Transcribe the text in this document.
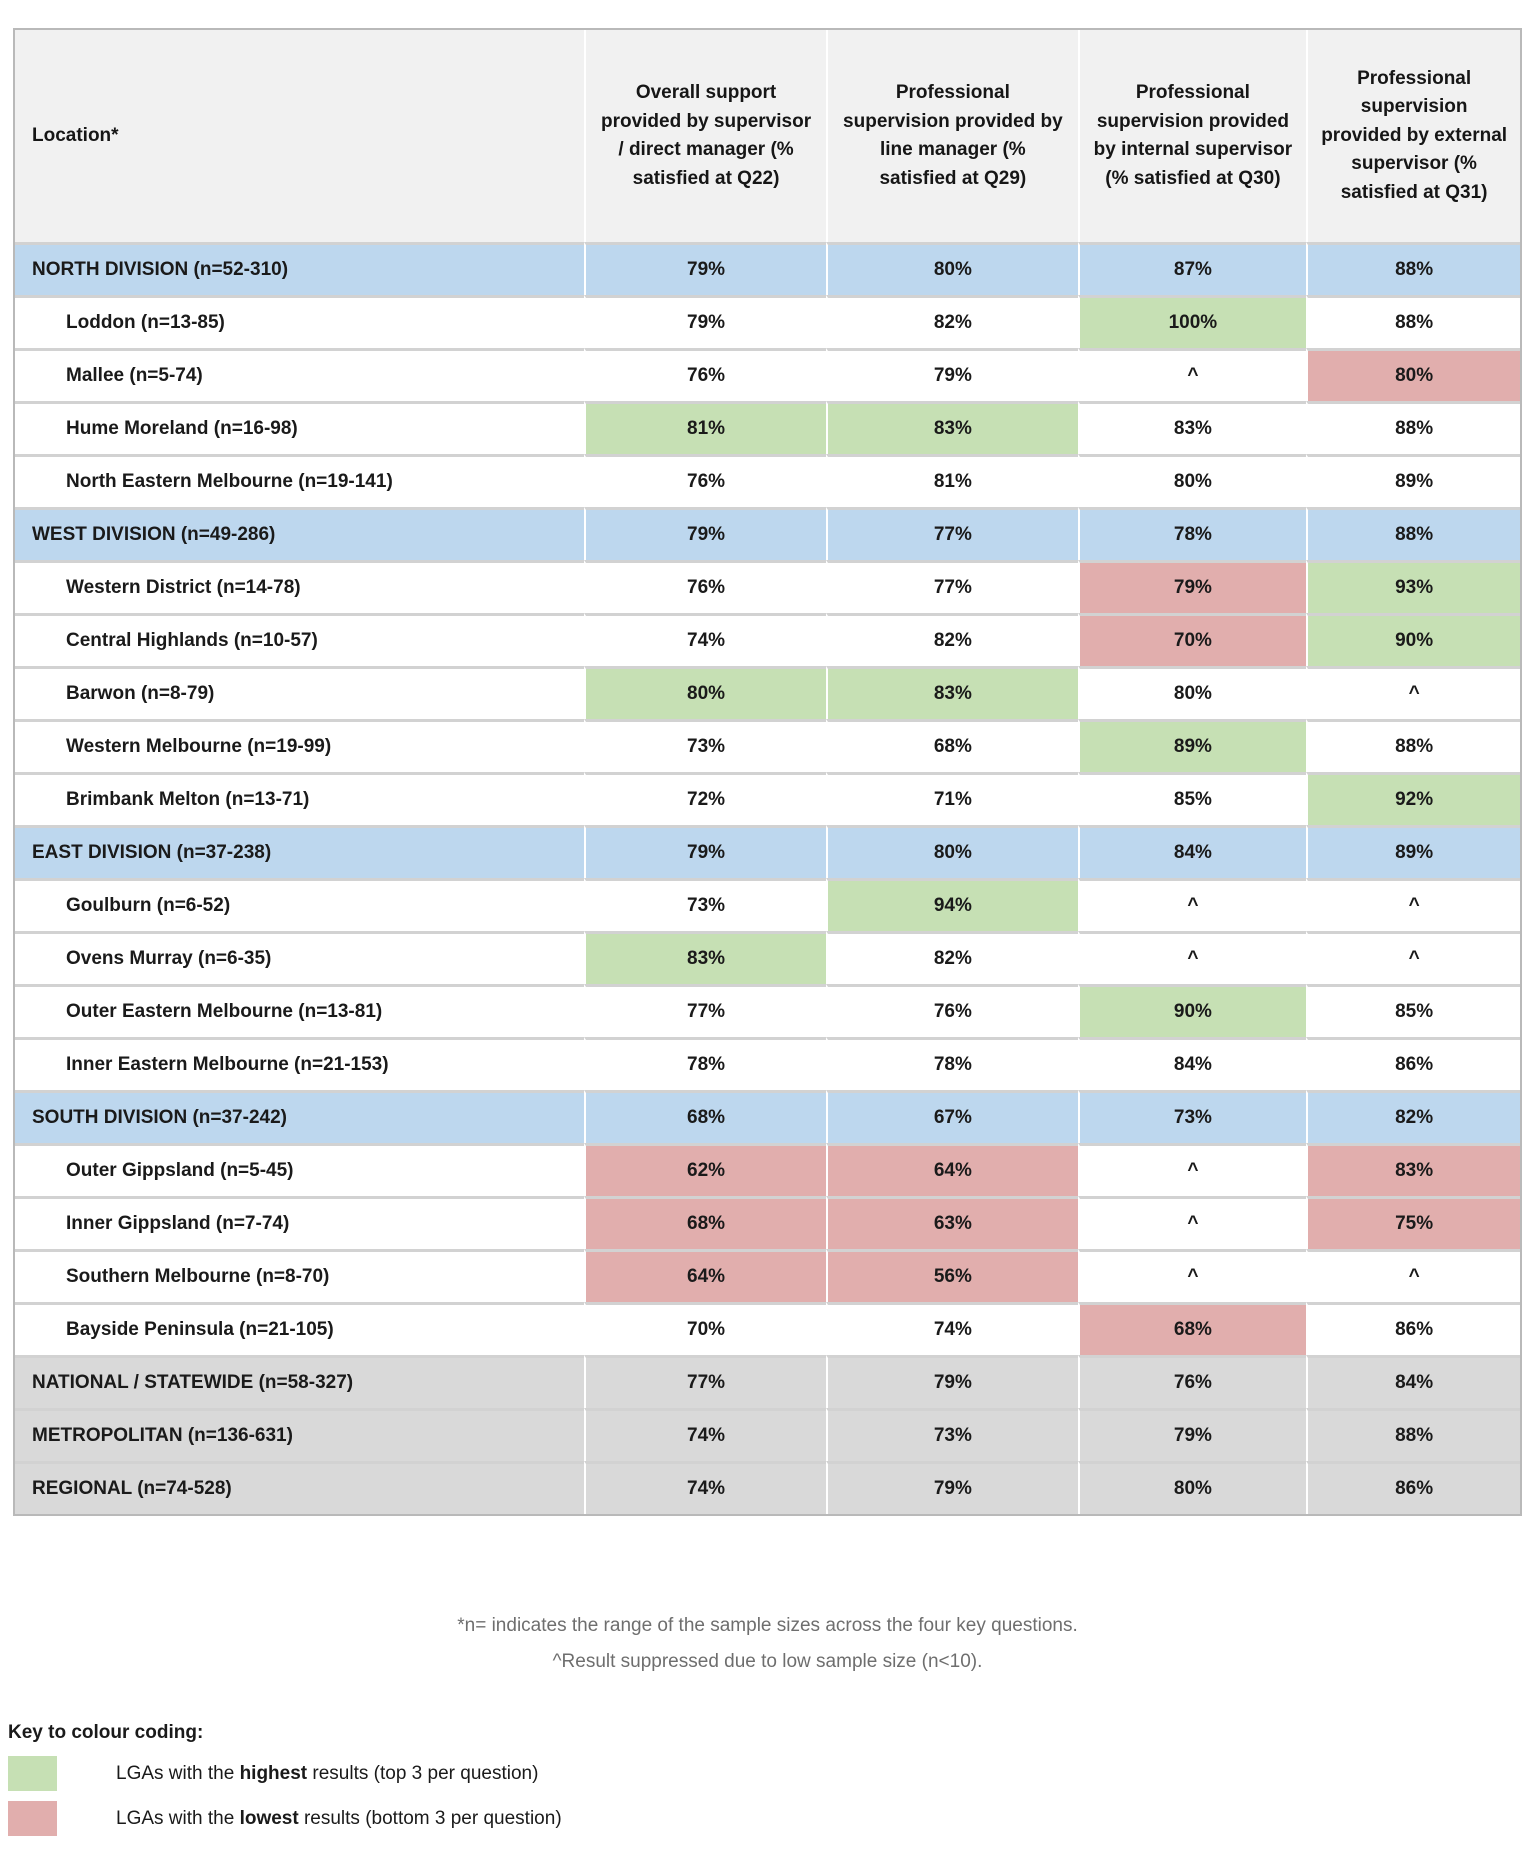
Location*	Overall support provided by supervisor / direct manager (% satisfied at Q22)	Professional supervision provided by line manager (% satisfied at Q29)	Professional supervision provided by internal supervisor (% satisfied at Q30)	Professional supervision provided by external supervisor (% satisfied at Q31)
NORTH DIVISION (n=52-310)	79%	80%	87%	88%
Loddon (n=13-85)	79%	82%	100%	88%
Mallee (n=5-74)	76%	79%	^	80%
Hume Moreland (n=16-98)	81%	83%	83%	88%
North Eastern Melbourne (n=19-141)	76%	81%	80%	89%
WEST DIVISION (n=49-286)	79%	77%	78%	88%
Western District (n=14-78)	76%	77%	79%	93%
Central Highlands (n=10-57)	74%	82%	70%	90%
Barwon (n=8-79)	80%	83%	80%	^
Western Melbourne (n=19-99)	73%	68%	89%	88%
Brimbank Melton (n=13-71)	72%	71%	85%	92%
EAST DIVISION (n=37-238)	79%	80%	84%	89%
Goulburn (n=6-52)	73%	94%	^	^
Ovens Murray (n=6-35)	83%	82%	^	^
Outer Eastern Melbourne (n=13-81)	77%	76%	90%	85%
Inner Eastern Melbourne (n=21-153)	78%	78%	84%	86%
SOUTH DIVISION (n=37-242)	68%	67%	73%	82%
Outer Gippsland (n=5-45)	62%	64%	^	83%
Inner Gippsland (n=7-74)	68%	63%	^	75%
Southern Melbourne (n=8-70)	64%	56%	^	^
Bayside Peninsula (n=21-105)	70%	74%	68%	86%
NATIONAL / STATEWIDE (n=58-327)	77%	79%	76%	84%
METROPOLITAN (n=136-631)	74%	73%	79%	88%
REGIONAL (n=74-528)	74%	79%	80%	86%

*n= indicates the range of the sample sizes across the four key questions.

^Result suppressed due to low sample size (n<10).

Key to colour coding:
LGAs with the highest results (top 3 per question)
LGAs with the lowest results (bottom 3 per question)
